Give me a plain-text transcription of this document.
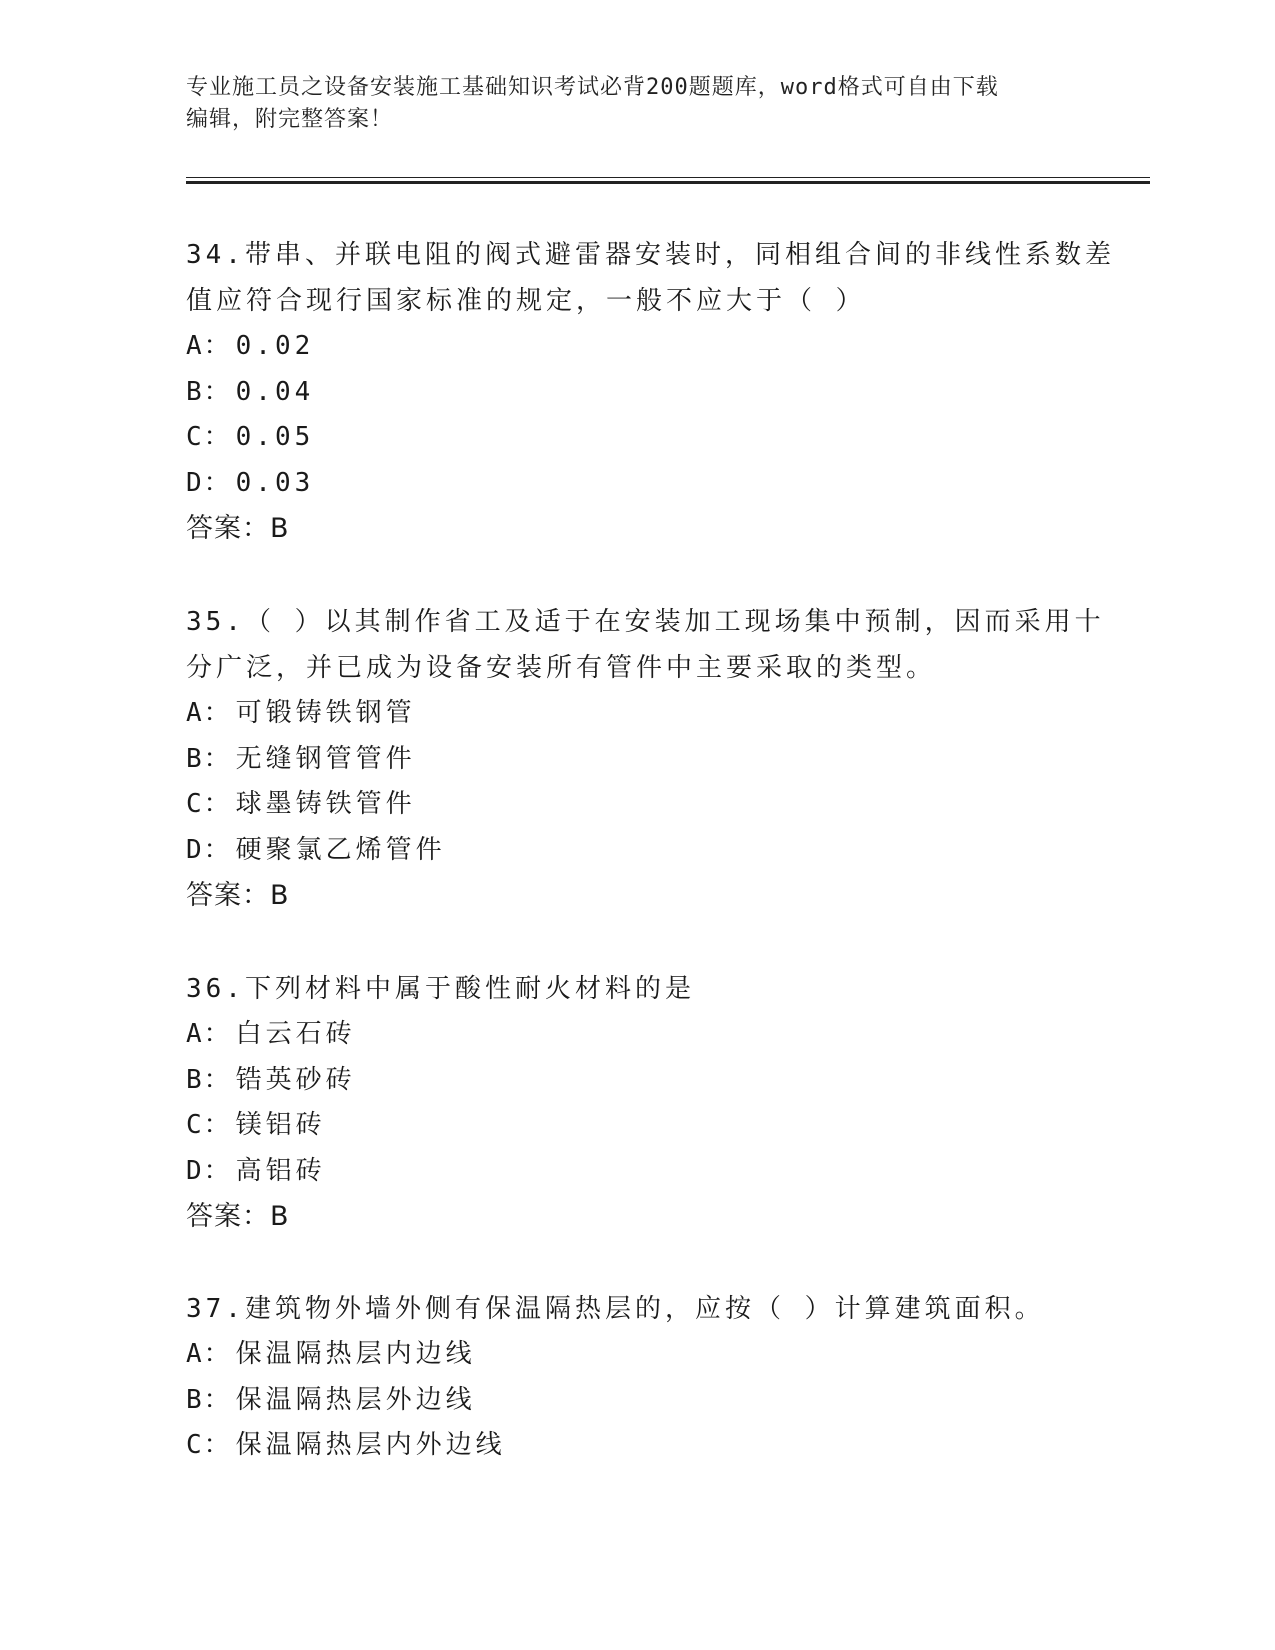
专业施工员之设备安装施工基础知识考试必背200题题库，word格式可自由下载
编辑，附完整答案！
34.带串、并联电阻的阀式避雷器安装时，同相组合间的非线性系数差
值应符合现行国家标准的规定，一般不应大于（ ）
A： 0.02
B： 0.04
C： 0.05
D： 0.03
答案：B
35.（ ）以其制作省工及适于在安装加工现场集中预制，因而采用十
分广泛，并已成为设备安装所有管件中主要采取的类型。
A： 可锻铸铁钢管
B： 无缝钢管管件
C： 球墨铸铁管件
D： 硬聚氯乙烯管件
答案：B
36.下列材料中属于酸性耐火材料的是
A： 白云石砖
B： 锆英砂砖
C： 镁铝砖
D： 高铝砖
答案：B
37.建筑物外墙外侧有保温隔热层的，应按（ ）计算建筑面积。
A： 保温隔热层内边线
B： 保温隔热层外边线
C： 保温隔热层内外边线
